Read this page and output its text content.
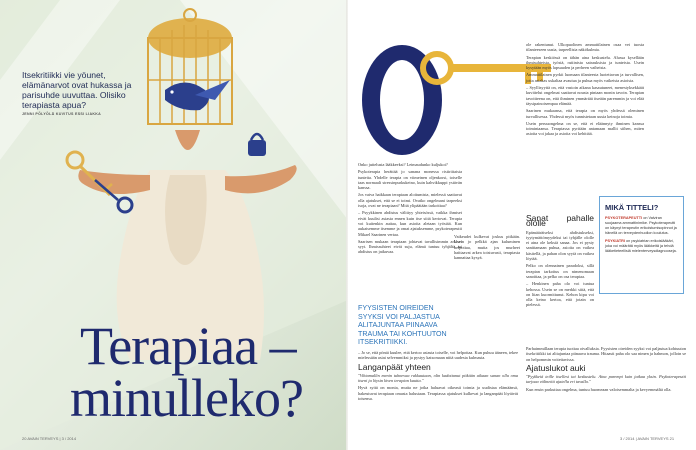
Itsekritiikki vie yöunet, elämänarvot ovat hukassa ja parisuhde uuvuttaa. Olisiko terapiasta apua?
JENNI PÖLYÖLÄ KUVITUS ESSI LIAKKA
Terapiaa –
minulleko?
20 AVAIN TERVEYS | 3 / 2014

Onko juttelusta lääkkeeksi? Leimaudunko kuljukoi?

Psykoterapia herättää jo sanana monessa ristiriitaisia tunteita. Yhdelle terapia on viimeinen oljenkorsi, toiselle taas normaali stressinpurkukeino, kuin kahvikkuppi ystävän kanssa.

Jos vaiva haikkaan terapiaan aloitumista, mielessä saattavat olla ajatukset, että se ei toimi. Ovatko ongelmani tarpeeksi isoja, ovat ne terapiaan? Mitä ylipäätään tarkoittaa?

– Psyykkinen ahdistus välittyy yhteisössä, vaikka ihmiset eivät kuulisi asiasta ennen kuin itse siitä kertovat. Terapia voi kuitenkin auttaa, kun asioita aletaan työstää. Kun aukaisemme itsemme ja omat ajatuksemme, psykoterapeutti Mikael Saarinen vertaa.

Saarisen mukaan terapiaan johtavat tavallisimmin arkiset syyt. Ihmissuhteet eivät suju, elämä tuntuu tyhjältä tai ahdistus on jatkuvaa.

Vaikeudet kulkevat joskus pitkään. Usein jo pelkkä ajan kuluminen helpottaa, mutta jos murheet haittaavat arkea toistuvasti, terapiasta kannattaa kysyä.

FYYSISTEN OIREIDEN SYYKSI VOI PALJASTUA ALITAJUNTAA PIINAAVA TRAUMA TAI KOHTUUTON ITSEKRITIIKKI.

– Jo se, että pöntä kuulee, että kertoo asiasta toiselle, voi helpottaa. Kun puhuu ääneen, tekee mielessään asiat selvemmiksi ja pystyy katsomaan niitä uudesta kulmasta.

Langanpäät yhteen

"Vihtamallin menin tuhnevaa rakkautaan, olin kadottanut pitkään aikaan sanan olla oma itseni ja löysin kiven terapian kautta."

Hyvä syitä on monia, mutta ne jotka haluavat oikeasti toimia ja uudistaa elämäänsä, hakeutuvat terapiaan omasta halustaan. Terapiassa ajatukset kulkevat ja langanpäät löytävät toisensa.

ole rakentunut. Ulkopuolinen ammattilainen osaa vei tuosta tilanteeseen uusia, tarpeellisia näkökulmia.

Terapian keskiössä on tähän aina keskustelu. Alussa kysellään ihmisuhteista, työstä, rutiinista sairauksista ja tunteista. Usein kysytään myös lapsuuden ja perheen vaiheista.

Ammattilainen pyrkii luomaan tilanteesta luotettavan ja turvallisen, jotta asiakas uskaltaa avautua ja puhua myös vaikeista asioista.

– Syyllisyyttä on, että vastoin aikana kasautuneet, menestyksekkäät kuvittelut ongelmat saattavat nousta pintaan monin tavoin. Terapian tavoitteena on, että ihminen ymmärtää itseään paremmin ja voi elää täysipainoisempaa elämää.

Saarinen mukaansa, että terapia on myös yhdessä oleminen turvallisessa. Yhdessä myös tunnistetaan uusia keinoja toimia.

Usein peruuongelma on se, että ei eläännyty ihminen kanssa toimintaansa. Terapiassa pyritään antamaan mallit siihen, miten asioita voi jakaa ja asioita voi kehittää.

Sanat pahalle ololle

Epämääräiseksi ahdistukseksi, tyytymättömyydeksi tai tyhjälle ololle ei aina ole keksiä sanaa. Jos ei pysty sanittamaan puhua, asioita on vaikea käsitellä, ja pahan olon syytä on vaikea löytää.

Pelko on olennainen paradoksi, sillä terapian tarkoitus on nimenomaan sanoittaa, ja pelko on osa terapiaa.

– Henkinen paha olo voi tuntua kehossa. Usein se on merkki siitä, että on liian kuormittunut. Kehon kipu voi olla keino kertoa, että jotain on pielessä.

Parhaimmillaan terapia tuottaa oivalluksia. Fyysisten oireiden syyksi voi paljastua kohtuuton itsekritiikki tai alitajuntaa piinaava trauma. Hitaasti paha olo saa nimen ja hahmon, jolloin se on helpommin voitettavissa.

Ajatuslukot auki

"Pyykkeiä teille itsellesi tai keskustelu. Aina parempi kuin jatkaa yksin. Psykoterapeutti tarjoaa välineitä ajatella eri tavalla."

Kun ensin parkuttaa ongelma, tuntuu huomeaan valoisemmalta ja kevyemmältä olla.

MIKÄ TITTELI?

PSYKOTERAPEUTTI on Valviran suojaama ammattinimike. Psykoterapeutti on käynyt terapeutin erikoistumisopinnot ja hänellä on terveydenhuollon koulutus.

PSYKIATRI on psykiatrian erikoislääkäri, joka voi määrätä myös lääkkeitä ja tehdä lääketieteellisiä mielenterveysdiagnooseja.

3 / 2014 | AVAIN TERVEYS 21
